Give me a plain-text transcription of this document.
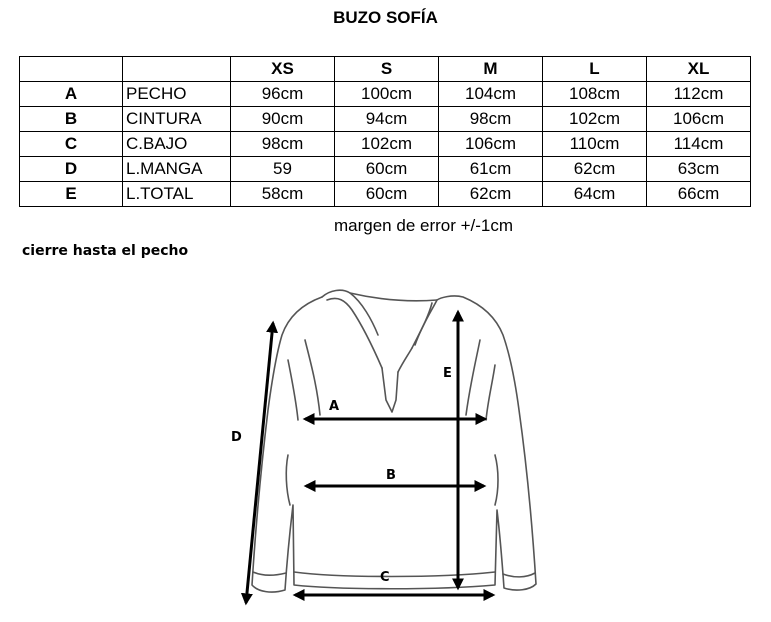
BUZO SOFÍA
		XS	S	M	L	XL
A	PECHO	96cm	100cm	104cm	108cm	112cm
B	CINTURA	90cm	94cm	98cm	102cm	106cm
C	C.BAJO	98cm	102cm	106cm	110cm	114cm
D	L.MANGA	59	60cm	61cm	62cm	63cm
E	L.TOTAL	58cm	60cm	62cm	64cm	66cm
margen de error +/-1cm
cierre hasta el pecho
A
B
C
D
E
